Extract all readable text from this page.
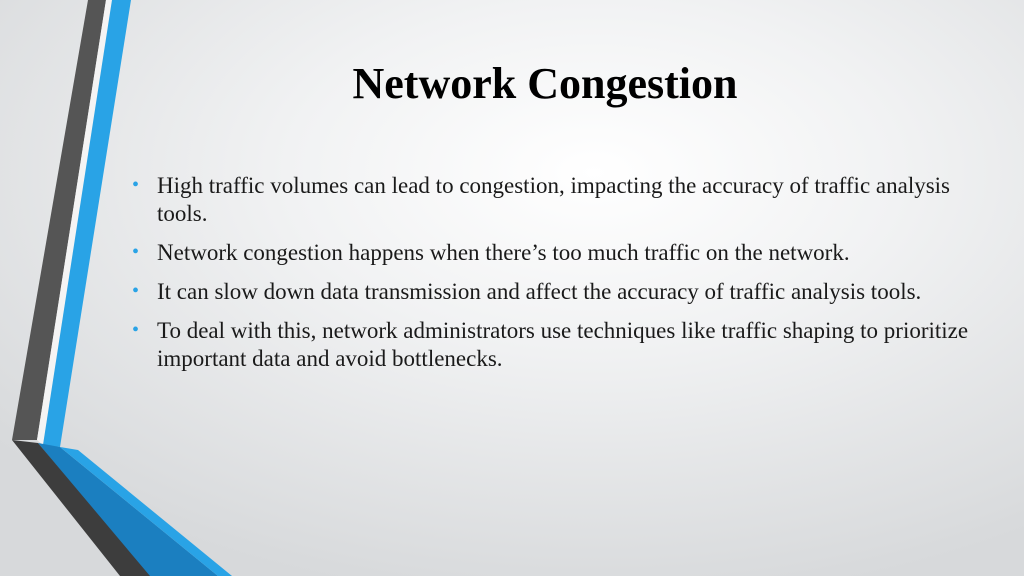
Network Congestion
• High traffic volumes can lead to congestion, impacting the accuracy of traffic analysis tools.
• Network congestion happens when there’s too much traffic on the network.
• It can slow down data transmission and affect the accuracy of traffic analysis tools.
• To deal with this, network administrators use techniques like traffic shaping to prioritize important data and avoid bottlenecks.
